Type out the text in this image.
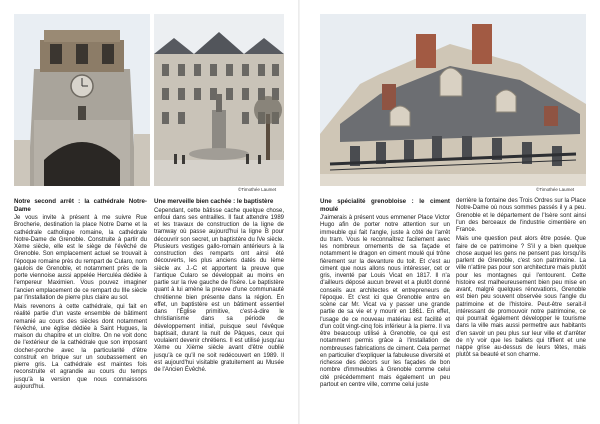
©Timothée Laumet
Notre second arrêt : la cathédrale Notre-Dame

Je vous invite à présent à me suivre Rue Brocherie, destination la place Notre Dame et la cathédrale catholique romaine, la cathédrale Notre-Dame de Grenoble. Construite à partir du Xème siècle, elle est le siège de l'évêché de Grenoble. Son emplacement actuel se trouvait à l'époque romaine près du rempart de Cularo, nom gaulois de Grenoble, et notamment près de la porte viennoise aussi appelée Herculéa dédiée à l'empereur Maximien. Vous pouvez imaginer l'ancien emplacement de ce rempart du IIIe siècle par l'installation de pierre plus claire au sol.

Mais revenons à cette cathédrale, qui fait en réalité partie d'un vaste ensemble de bâtiment remanié au cours des siècles dont notamment l'évêché, une église dédiée à Saint Hugues, la maison du chapitre et un cloître. On ne voit donc de l'extérieur de la cathédrale que son imposant clocher-porche avec la particularité d'être construit en brique sur un soubassement en pierre gris. La cathédrale est maintes fois reconstruite et agrandie au cours du temps jusqu'à la version que nous connaissons aujourd'hui.

Une merveille bien cachée : le baptistère

Cependant, cette bâtisse cache quelque chose, enfoui dans ses entrailles. Il faut attendre 1989 et les travaux de construction de la ligne de tramway où passe aujourd'hui la ligne B pour découvrir son secret, un baptistère du IVe siècle. Plusieurs vestiges gallo-romain antérieurs à la construction des remparts ont ainsi été découverts, les plus anciens datés du Ième siècle av. J.-C et apportent la preuve que l'antique Cularo se développait au moins en partie sur la rive gauche de l'Isère. Le baptistère quant à lui amène la preuve d'une communauté chrétienne bien présente dans la région. En effet, un baptistère est un bâtiment essentiel dans l'Église primitive, c'est-à-dire le christianisme dans sa période de développement initial, puisque seul l'évêque baptisait, durant la nuit de Pâques, ceux qui voulaient devenir chrétiens. Il est utilisé jusqu'au Xème ou Xième siècle avant d'être oublié jusqu'à ce qu'il ne soit redécouvert en 1989. Il est aujourd'hui visitable gratuitement au Musée de l'Ancien Évêché.

©Timothée Laumet
Une spécialité grenobloise : le ciment moulé

J'aimerais à présent vous emmener Place Victor Hugo afin de porter notre attention sur un immeuble qui fait l'angle, juste à côté de l'arrêt du tram. Vous le reconnaîtrez facilement avec les nombreux ornements de sa façade et notamment le dragon en ciment moulé qui trône fièrement sur la devanture du toit. Et c'est au ciment que nous allons nous intéresser, cet or gris, inventé par Louis Vicat en 1817. Il n'a d'ailleurs déposé aucun brevet et a plutôt donné conseils aux architectes et entrepreneurs de l'époque. Et c'est ici que Grenoble entre en scène car Mr. Vicat va y passer une grande partie de sa vie et y mourir en 1861. En effet, l'usage de ce nouveau matériau est facilité et d'un coût vingt-cinq fois inférieur à la pierre. Il va être beaucoup utilisé à Grenoble, ce qui est notamment permis grâce à l'installation de nombreuses fabrications de ciment. Cela permet en particulier d'expliquer la fabuleuse diversité et richesse des décors sur les façades de bon nombre d'immeubles à Grenoble comme celui cité précédemment mais également un peu partout en centre ville, comme celui juste

derrière la fontaine des Trois Ordres sur la Place Notre-Dame où nous sommes passés il y a peu. Grenoble et le département de l'Isère sont ainsi l'un des berceaux de l'industrie cimentière en France.

Mais une question peut alors être posée. Que faire de ce patrimoine ? S'il y a bien quelque chose auquel les gens ne pensent pas lorsqu'ils parlent de Grenoble, c'est son patrimoine. La ville n'attire pas pour son architecture mais plutôt pour les montagnes qui l'entourent. Cette histoire est malheureusement bien peu mise en avant, malgré quelques rénovations, Grenoble est bien peu souvent observée sous l'angle du patrimoine et de l'histoire. Peut-être serait-il intéressant de promouvoir notre patrimoine, ce qui pourrait également développer le tourisme dans la ville mais aussi permettre aux habitants d'en savoir un peu plus sur leur ville et d'arrêter de n'y voir que les ballets qui tiffient et une nappe grise au-dessus de leurs têtes, mais plutôt sa beauté et son charme.
